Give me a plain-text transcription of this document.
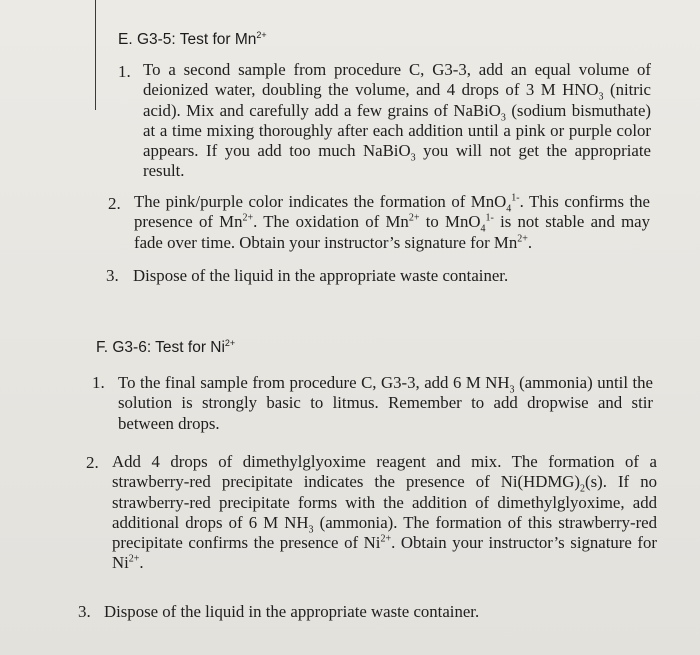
E. G3-5: Test for $Mn^{2+}$
1. To a second sample from procedure C, G3-3, add an equal volume of deionized water, doubling the volume, and 4 drops of 3 M $HNO_3$ (nitric acid). Mix and carefully add a few grains of NaBiO$_3$ (sodium bismuthate) at a time mixing thoroughly after each addition until a pink or purple color appears. If you add too much NaBiO$_3$ you will not get the appropriate result.
2. The pink/purple color indicates the formation of MnO$_4^{1-}$. This confirms the presence of $Mn^{2+}$. The oxidation of $Mn^{2+}$ to MnO$_4^{1-}$ is not stable and may fade over time. Obtain your instructor’s signature for $Mn^{2+}$.
3. Dispose of the liquid in the appropriate waste container.
F. G3-6: Test for $Ni^{2+}$
1. To the final sample from procedure C, G3-3, add 6 M $NH_3$ (ammonia) until the solution is strongly basic to litmus. Remember to add dropwise and stir between drops.
2. Add 4 drops of dimethylglyoxime reagent and mix. The formation of a strawberry-red precipitate indicates the presence of $Ni(HDMG)_2(s)$. If no strawberry-red precipitate forms with the addition of dimethylglyoxime, add additional drops of 6 M $NH_3$ (ammonia). The formation of this strawberry-red precipitate confirms the presence of $Ni^{2+}$. Obtain your instructor’s signature for $Ni^{2+}$.
3. Dispose of the liquid in the appropriate waste container.
